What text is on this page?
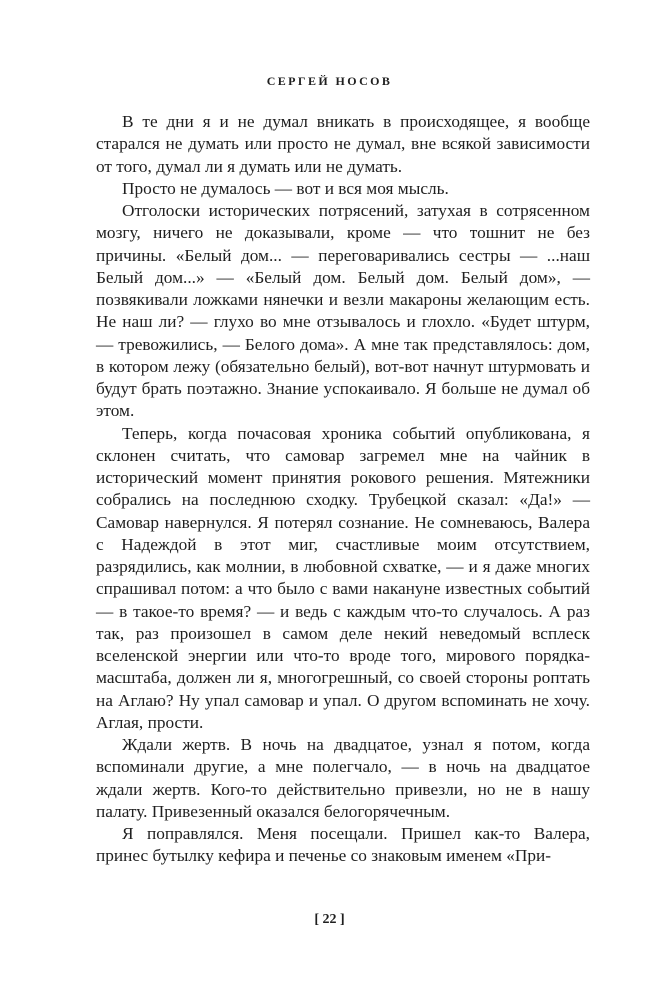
СЕРГЕЙ НОСОВ

В те дни я и не думал вникать в происходящее, я вообще старался не думать или просто не думал, вне всякой зависимости от того, думал ли я думать или не думать.

Просто не думалось — вот и вся моя мысль.

Отголоски исторических потрясений, затухая в сотрясенном мозгу, ничего не доказывали, кроме — что тошнит не без причины. «Белый дом... — переговаривались сестры — ...наш Белый дом...» — «Белый дом. Белый дом. Белый дом», — позвякивали ложками нянечки и везли макароны желающим есть. Не наш ли? — глухо во мне отзывалось и глохло. «Будет штурм, — тревожились, — Белого дома». А мне так представлялось: дом, в котором лежу (обязательно белый), вот-вот начнут штурмовать и будут брать поэтажно. Знание успокаивало. Я больше не думал об этом.

Теперь, когда почасовая хроника событий опубликована, я склонен считать, что самовар загремел мне на чайник в исторический момент принятия рокового решения. Мятежники собрались на последнюю сходку. Трубецкой сказал: «Да!» — Самовар навернулся. Я потерял сознание. Не сомневаюсь, Валера с Надеждой в этот миг, счастливые моим отсутствием, разрядились, как молнии, в любовной схватке, — и я даже многих спрашивал потом: а что было с вами накануне известных событий — в такое-то время? — и ведь с каждым что-то случалось. А раз так, раз произошел в самом деле некий неведомый всплеск вселенской энергии или что-то вроде того, мирового порядка-масштаба, должен ли я, многогрешный, со своей стороны роптать на Аглаю? Ну упал самовар и упал. О другом вспоминать не хочу. Аглая, прости.

Ждали жертв. В ночь на двадцатое, узнал я потом, когда вспоминали другие, а мне полегчало, — в ночь на двадцатое ждали жертв. Кого-то действительно привезли, но не в нашу палату. Привезенный оказался белогорячечным.

Я поправлялся. Меня посещали. Пришел как-то Валера, принес бутылку кефира и печенье со знаковым именем «При-

[ 22 ]
